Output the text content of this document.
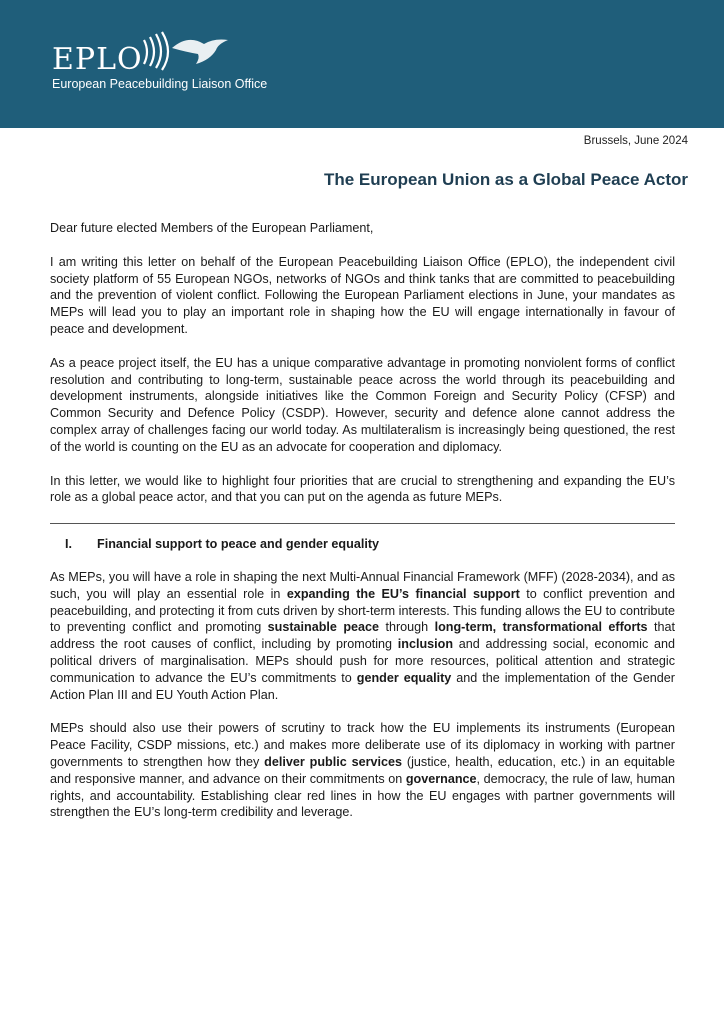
EPLO
European Peacebuilding Liaison Office
Brussels, June 2024
The European Union as a Global Peace Actor

Dear future elected Members of the European Parliament,

I am writing this letter on behalf of the European Peacebuilding Liaison Office (EPLO), the independent civil society platform of 55 European NGOs, networks of NGOs and think tanks that are committed to peacebuilding and the prevention of violent conflict. Following the European Parliament elections in June, your mandates as MEPs will lead you to play an important role in shaping how the EU will engage internationally in favour of peace and development.

As a peace project itself, the EU has a unique comparative advantage in promoting nonviolent forms of conflict resolution and contributing to long-term, sustainable peace across the world through its peacebuilding and development instruments, alongside initiatives like the Common Foreign and Security Policy (CFSP) and Common Security and Defence Policy (CSDP). However, security and defence alone cannot address the complex array of challenges facing our world today. As multilateralism is increasingly being questioned, the rest of the world is counting on the EU as an advocate for cooperation and diplomacy.

In this letter, we would like to highlight four priorities that are crucial to strengthening and expanding the EU’s role as a global peace actor, and that you can put on the agenda as future MEPs.

I.	Financial support to peace and gender equality

As MEPs, you will have a role in shaping the next Multi-Annual Financial Framework (MFF) (2028-2034), and as such, you will play an essential role in expanding the EU’s financial support to conflict prevention and peacebuilding, and protecting it from cuts driven by short-term interests. This funding allows the EU to contribute to preventing conflict and promoting sustainable peace through long-term, transformational efforts that address the root causes of conflict, including by promoting inclusion and addressing social, economic and political drivers of marginalisation. MEPs should push for more resources, political attention and strategic communication to advance the EU’s commitments to gender equality and the implementation of the Gender Action Plan III and EU Youth Action Plan.

MEPs should also use their powers of scrutiny to track how the EU implements its instruments (European Peace Facility, CSDP missions, etc.) and makes more deliberate use of its diplomacy in working with partner governments to strengthen how they deliver public services (justice, health, education, etc.) in an equitable and responsive manner, and advance on their commitments on governance, democracy, the rule of law, human rights, and accountability. Establishing clear red lines in how the EU engages with partner governments will strengthen the EU’s long-term credibility and leverage.
